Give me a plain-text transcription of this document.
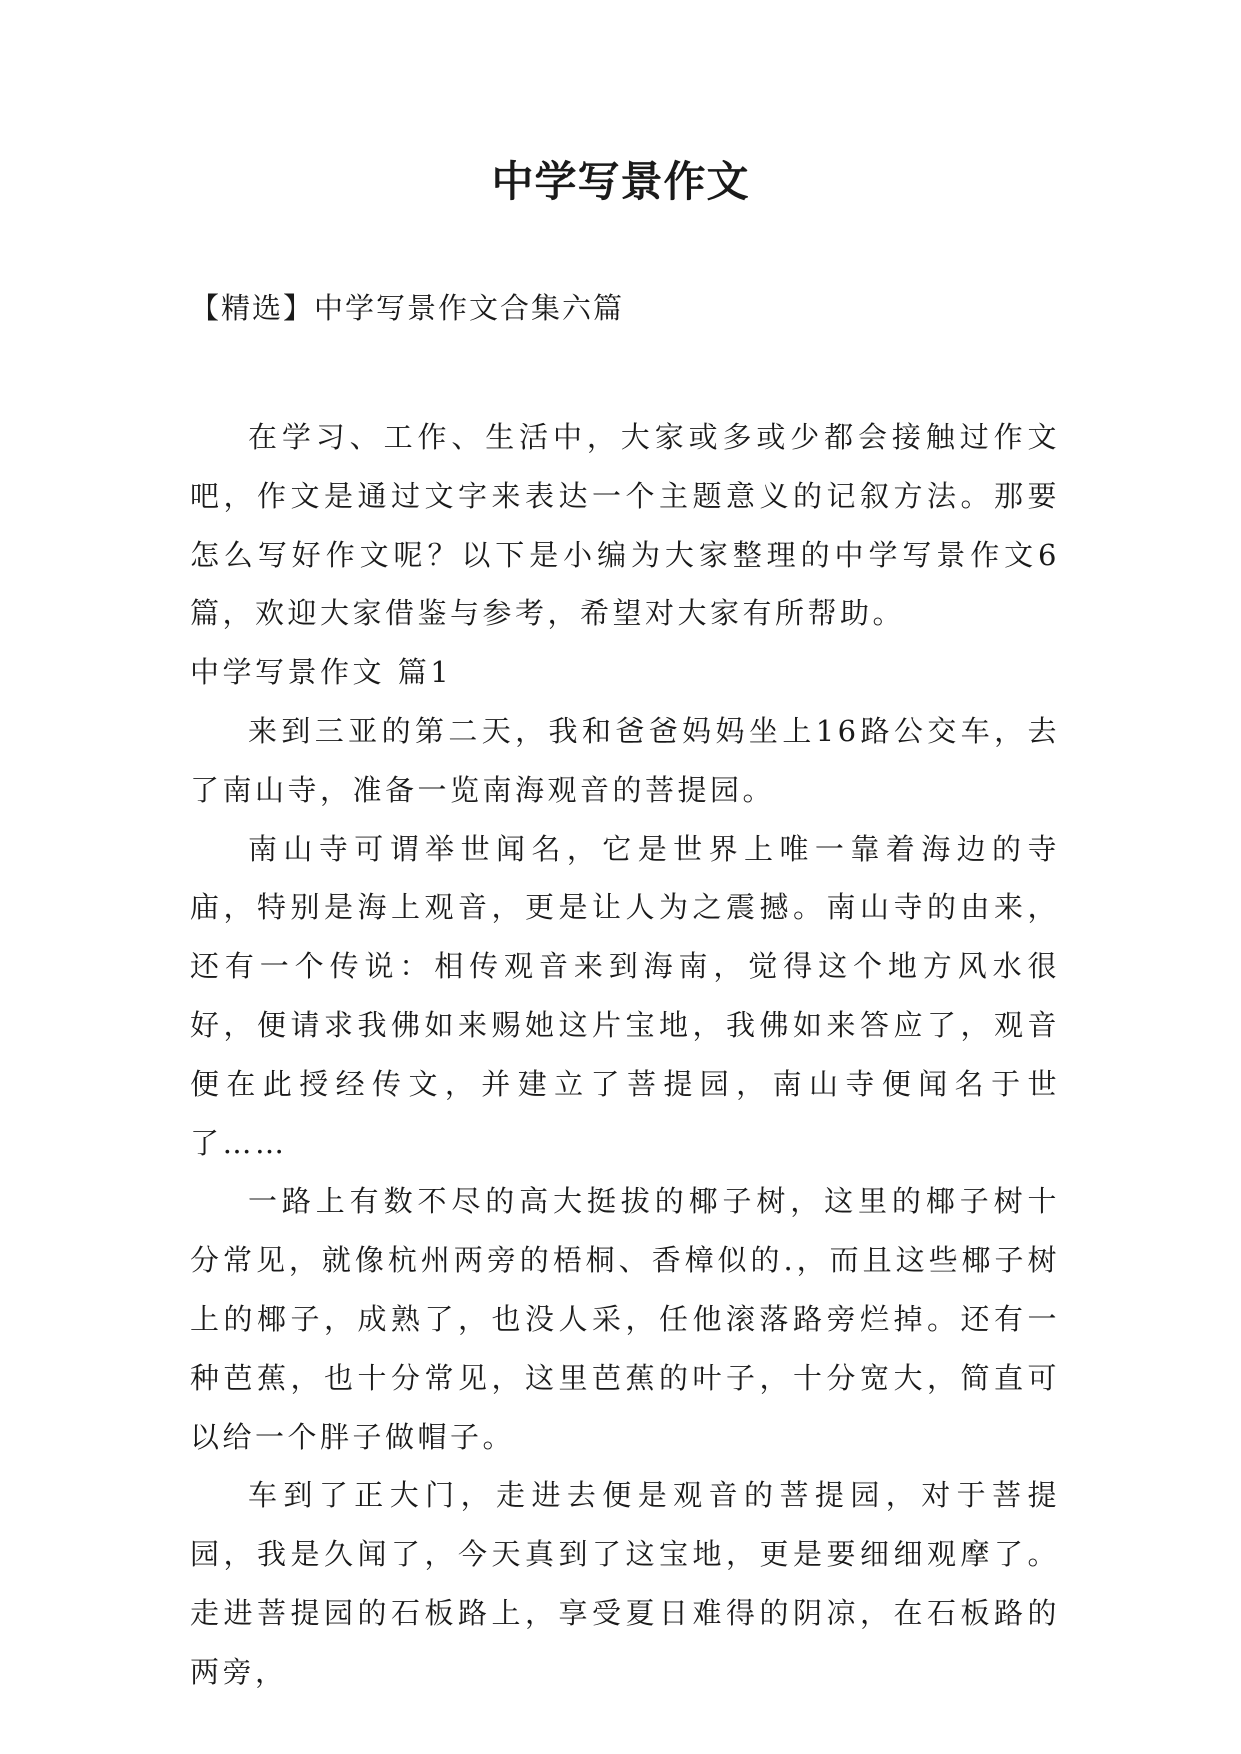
中学写景作文
【精选】中学写景作文合集六篇

在学习、工作、生活中，大家或多或少都会接触过作文吧，作文是通过文字来表达一个主题意义的记叙方法。那要怎么写好作文呢？以下是小编为大家整理的中学写景作文6篇，欢迎大家借鉴与参考，希望对大家有所帮助。

中学写景作文 篇1

来到三亚的第二天，我和爸爸妈妈坐上16路公交车，去了南山寺，准备一览南海观音的菩提园。

南山寺可谓举世闻名，它是世界上唯一靠着海边的寺庙，特别是海上观音，更是让人为之震撼。南山寺的由来，还有一个传说：相传观音来到海南，觉得这个地方风水很好，便请求我佛如来赐她这片宝地，我佛如来答应了，观音便在此授经传文，并建立了菩提园，南山寺便闻名于世了……

一路上有数不尽的高大挺拔的椰子树，这里的椰子树十分常见，就像杭州两旁的梧桐、香樟似的.，而且这些椰子树上的椰子，成熟了，也没人采，任他滚落路旁烂掉。还有一种芭蕉，也十分常见，这里芭蕉的叶子，十分宽大，简直可以给一个胖子做帽子。

车到了正大门，走进去便是观音的菩提园，对于菩提园，我是久闻了，今天真到了这宝地，更是要细细观摩了。走进菩提园的石板路上，享受夏日难得的阴凉，在石板路的两旁，
